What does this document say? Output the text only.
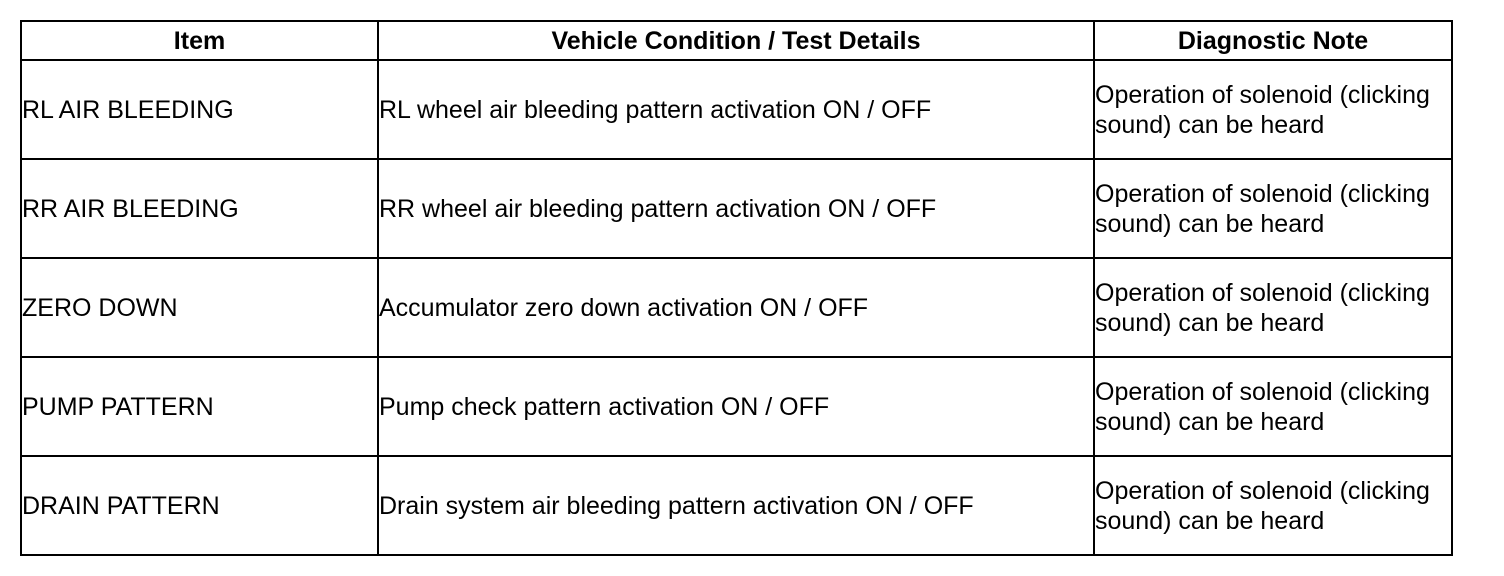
Item	Vehicle Condition / Test Details	Diagnostic Note
RL AIR BLEEDING	RL wheel air bleeding pattern activation ON / OFF	Operation of solenoid (clicking sound) can be heard
RR AIR BLEEDING	RR wheel air bleeding pattern activation ON / OFF	Operation of solenoid (clicking sound) can be heard
ZERO DOWN	Accumulator zero down activation ON / OFF	Operation of solenoid (clicking sound) can be heard
PUMP PATTERN	Pump check pattern activation ON / OFF	Operation of solenoid (clicking sound) can be heard
DRAIN PATTERN	Drain system air bleeding pattern activation ON / OFF	Operation of solenoid (clicking sound) can be heard
